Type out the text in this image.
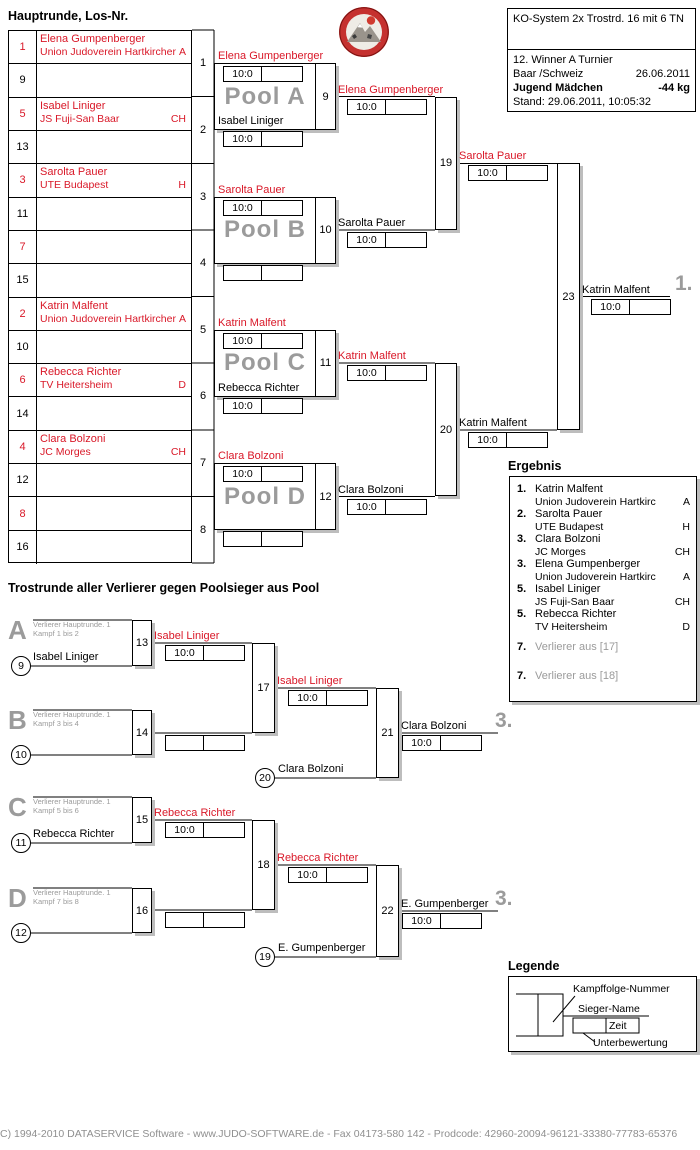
Hauptrunde, Los-Nr.
Trostrunde aller Verlierer gegen Poolsieger aus Pool
KO-System 2x Trostrd. 16 mit 6 TN
12. Winner A Turnier
Baar /Schweiz	26.06.2011
Jugend Mädchen	-44 kg
Stand: 29.06.2011, 10:05:32
1
Elena Gumpenberger
Union Judoverein Hartkircher A
9
5
Isabel Liniger
JS Fuji-San Baar	CH
13
3
Sarolta Pauer
UTE Budapest	H
11
7
15
2
Katrin Malfent
Union Judoverein Hartkircher A
10
6
Rebecca Richter
TV Heitersheim	D
14
4
Clara Bolzoni
JC Morges	CH
12
8
16
1
2
3
4
5
6
7
8
Pool A	9
Elena Gumpenberger
10:0
Isabel Liniger
10:0
Pool B	10
Sarolta Pauer
10:0
Pool C	11
Katrin Malfent
10:0
Rebecca Richter
10:0
Pool D	12
Clara Bolzoni
10:0
19
20
23
Elena Gumpenberger
10:0
Sarolta Pauer
10:0
Katrin Malfent
10:0
Clara Bolzoni
10:0
Sarolta Pauer
10:0
Katrin Malfent
10:0
Katrin Malfent
10:0
1.
A Verlierer Hauptrunde. 1
Kampf 1 bis 2
9
Isabel Liniger
13
B Verlierer Hauptrunde. 1
Kampf 3 bis 4
10
14
C Verlierer Hauptrunde. 1
Kampf 5 bis 6
11
Rebecca Richter
15
D Verlierer Hauptrunde. 1
Kampf 7 bis 8
12
16
17
18
21
22
Isabel Liniger
10:0
Rebecca Richter
10:0
Isabel Liniger
10:0
Rebecca Richter
10:0
Clara Bolzoni
10:0
E. Gumpenberger
10:0
3.
3.
20
Clara Bolzoni
19
E. Gumpenberger
Ergebnis
1. Katrin Malfent
Union Judoverein Hartkirc	A
2. Sarolta Pauer
UTE Budapest	H
3. Clara Bolzoni
JC Morges	CH
3. Elena Gumpenberger
Union Judoverein Hartkirc	A
5. Isabel Liniger
JS Fuji-San Baar	CH
5. Rebecca Richter
TV Heitersheim	D
7. Verlierer aus [17]
7. Verlierer aus [18]
Legende
Kampffolge-Nummer
Sieger-Name
Zeit
Unterbewertung
C) 1994-2010 DATASERVICE Software - www.JUDO-SOFTWARE.de - Fax 04173-580 142 - Prodcode: 42960-20094-96121-33380-77783-65376
